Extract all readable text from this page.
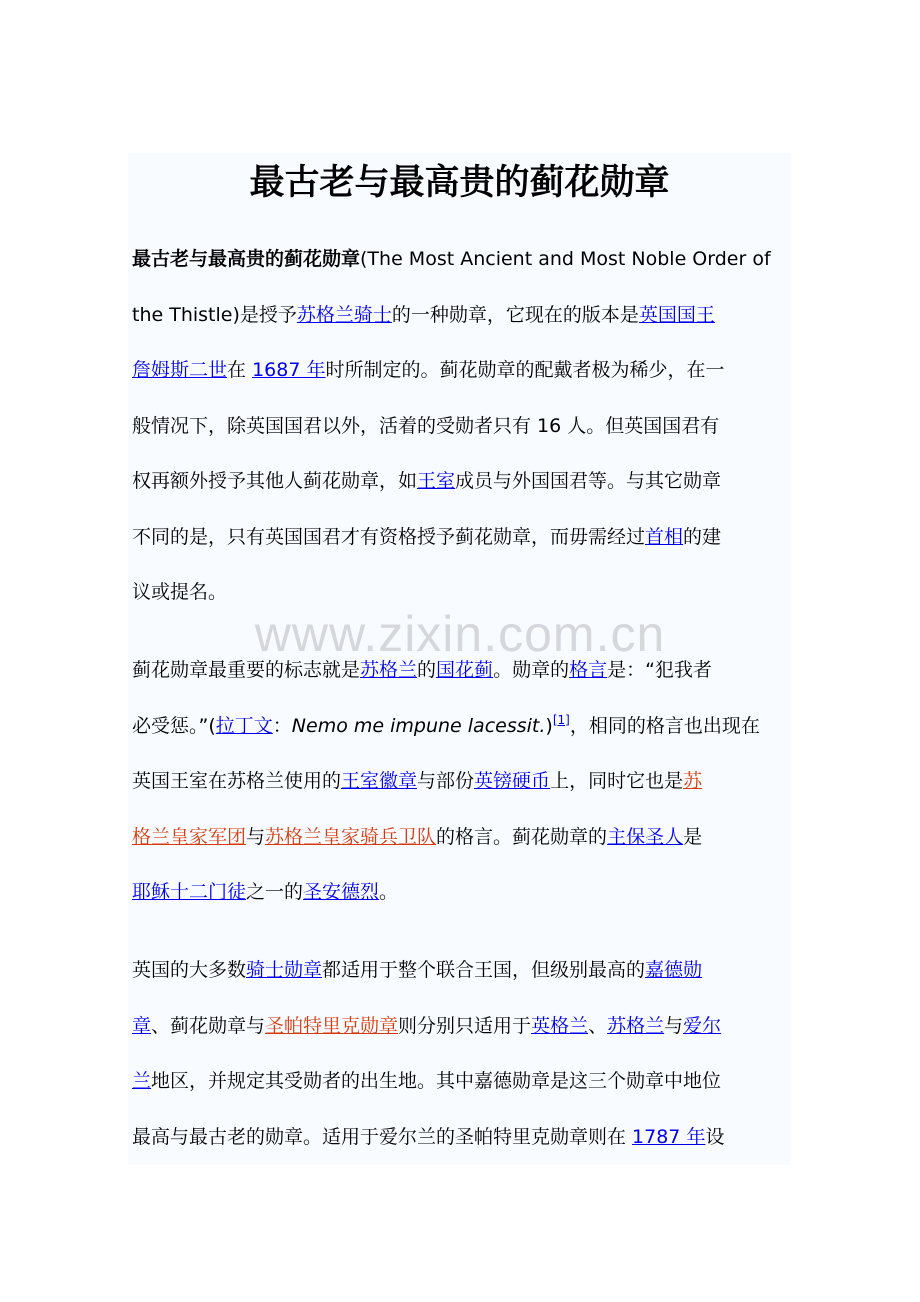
最古老与最高贵的蓟花勋章
最古老与最高贵的蓟花勋章(The Most Ancient and Most Noble Order of
the Thistle)是授予苏格兰骑士的一种勋章，它现在的版本是英国国王
詹姆斯二世在 1687 年时所制定的。蓟花勋章的配戴者极为稀少，在一
般情况下，除英国国君以外，活着的受勋者只有 16 人。但英国国君有
权再额外授予其他人蓟花勋章，如王室成员与外国国君等。与其它勋章
不同的是，只有英国国君才有资格授予蓟花勋章，而毋需经过首相的建
议或提名。
www.zixin.com.cn
蓟花勋章最重要的标志就是苏格兰的国花蓟。勋章的格言是：“犯我者
必受惩。”(拉丁文：Nemo me impune lacessit.)[1]，相同的格言也出现在
英国王室在苏格兰使用的王室徽章与部份英镑硬币上，同时它也是苏
格兰皇家军团与苏格兰皇家骑兵卫队的格言。蓟花勋章的主保圣人是
耶稣十二门徒之一的圣安德烈。
英国的大多数骑士勋章都适用于整个联合王国，但级别最高的嘉德勋
章、蓟花勋章与圣帕特里克勋章则分别只适用于英格兰、苏格兰与爱尔
兰地区，并规定其受勋者的出生地。其中嘉德勋章是这三个勋章中地位
最高与最古老的勋章。适用于爱尔兰的圣帕特里克勋章则在 1787 年设
